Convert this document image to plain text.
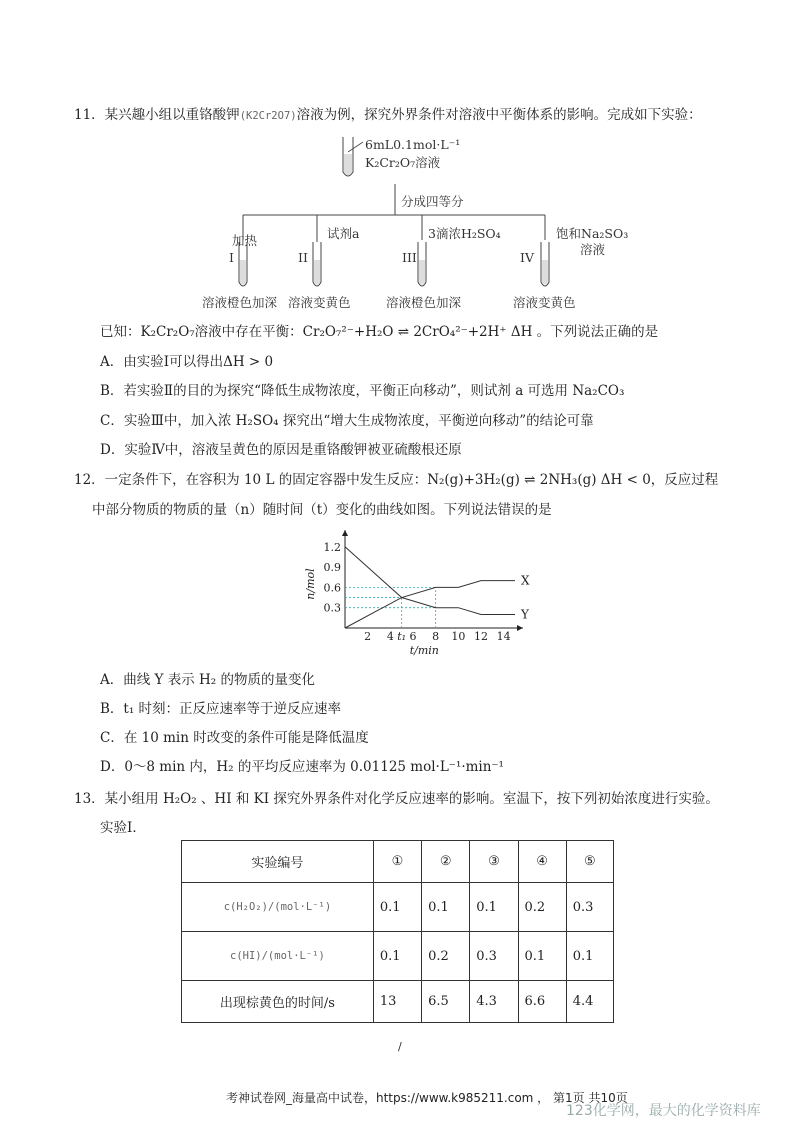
11．某兴趣小组以重铬酸钾(K2Cr2O7)溶液为例，探究外界条件对溶液中平衡体系的影响。完成如下实验：
6mL0.1mol·L⁻¹
K₂Cr₂O₇溶液
分成四等分
加热	试剂a	3滴浓H₂SO₄	饱和Na₂SO₃
溶液
I	II	III	IV
溶液橙色加深 溶液变黄色	溶液橙色加深	溶液变黄色
已知：K₂Cr₂O₇溶液中存在平衡：Cr₂O₇²⁻+H₂O ⇌ 2CrO₄²⁻+2H⁺ ΔH 。下列说法正确的是
A．由实验Ⅰ可以得出ΔH > 0
B．若实验Ⅱ的目的为探究“降低生成物浓度，平衡正向移动”，则试剂 a 可选用 Na₂CO₃
C．实验Ⅲ中，加入浓 H₂SO₄ 探究出“增大生成物浓度，平衡逆向移动”的结论可靠
D．实验Ⅳ中，溶液呈黄色的原因是重铬酸钾被亚硫酸根还原
12．一定条件下，在容积为 10 L 的固定容器中发生反应：N₂(g)+3H₂(g) ⇌ 2NH₃(g) ΔH < 0，反应过程
中部分物质的物质的量（n）随时间（t）变化的曲线如图。下列说法错误的是
2 4 t₁ 6 8 10 12 14
0.3
0.6
0.9
1.2
t/min
n/mol	X
Y
A．曲线 Y 表示 H₂ 的物质的量变化
B．t₁ 时刻：正反应速率等于逆反应速率
C．在 10 min 时改变的条件可能是降低温度
D．0～8 min 内，H₂ 的平均反应速率为 0.01125 mol·L⁻¹·min⁻¹
13．某小组用 H₂O₂ 、HI 和 KI 探究外界条件对化学反应速率的影响。室温下，按下列初始浓度进行实验。
实验Ⅰ．
实验编号	①	②	③	④	⑤
c(H₂O₂)/(mol·L⁻¹)	0.1	0.1	0.1	0.2	0.3
c(HI)/(mol·L⁻¹)	0.1	0.2	0.3	0.1	0.1
出现棕黄色的时间/s	13	6.5	4.3	6.6	4.4
/
考神试卷网_海量高中试卷，https://www.k985211.com ， 第1页 共10页
123化学网，最大的化学资料库
